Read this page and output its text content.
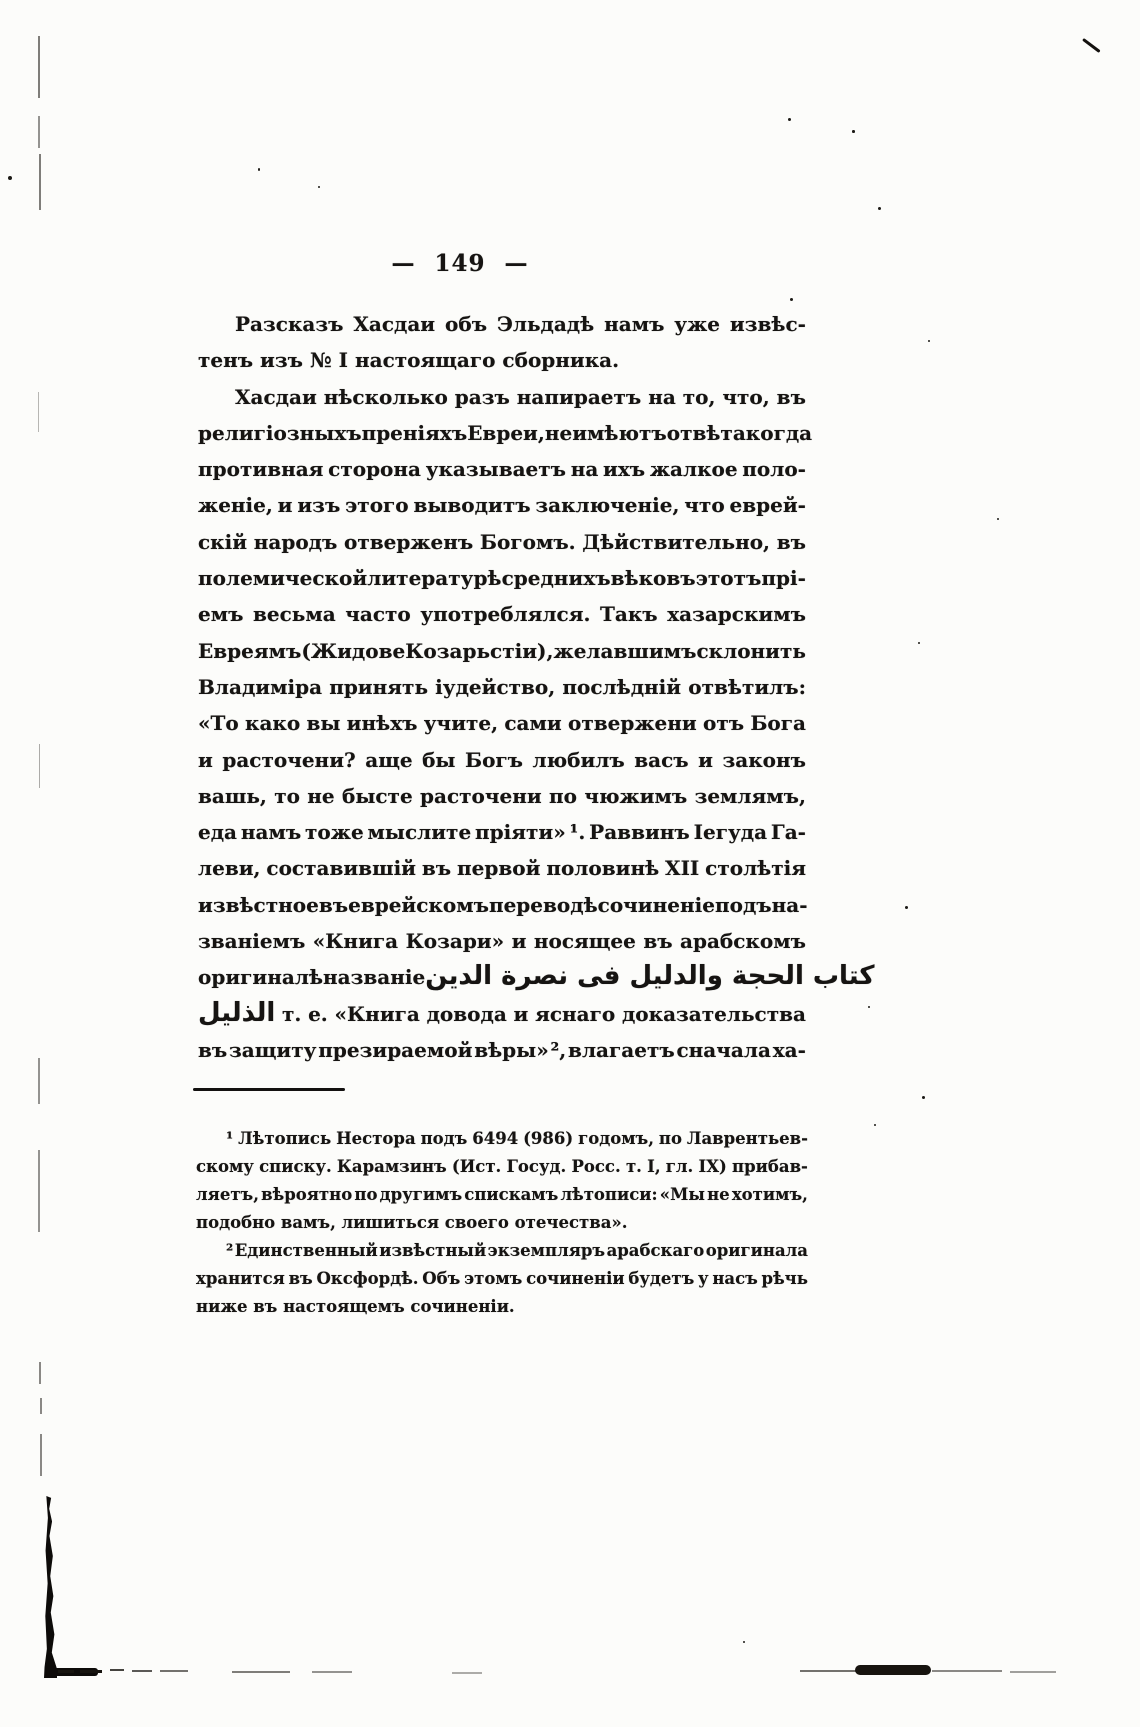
— 149 —
Разсказъ Хасдаи объ Эльдадѣ намъ уже извѣс-
тенъ изъ № I настоящаго сборника.
Хасдаи нѣсколько разъ напираетъ на то, что, въ
религіозныхъ преніяхъ Евреи, не имѣютъ отвѣта когда
противная сторона указываетъ на ихъ жалкое поло-
женіе, и изъ этого выводитъ заключеніе, что еврей-
скій народъ отверженъ Богомъ. Дѣйствительно, въ
полемической литературѣ среднихъ вѣковъ этотъ прі-
емъ весьма часто употреблялся. Такъ хазарскимъ
Евреямъ (Жидове Козарьстіи), желавшимъ склонить
Владиміра принять іудейство, послѣдній отвѣтилъ:
«То како вы инѣхъ учите, сами отвержени отъ Бога
и расточени? аще бы Богъ любилъ васъ и законъ
вашь, то не бысте расточени по чюжимъ землямъ,
еда намъ тоже мыслите пріяти» ¹. Раввинъ Іегуда Га-
леви, составившій въ первой половинѣ XII столѣтія
извѣстное въ еврейскомъ переводѣ сочиненіе подъ на-
званіемъ «Книга Козари» и носящее въ арабскомъ
оригиналѣ названіе كتاب الحجة والدليل فى نصرة الدين
الذليل т. е. «Книга довода и яснаго доказательства
въ защиту презираемой вѣры» ², влагаетъ сначала ха-
¹ Лѣтопись Нестора подъ 6494 (986) годомъ, по Лаврентьев-
скому списку. Карамзинъ (Ист. Госуд. Росс. т. I, гл. IX) прибав-
ляетъ, вѣроятно по другимъ спискамъ лѣтописи: «Мы не хотимъ,
подобно вамъ, лишиться своего отечества».
² Единственный извѣстный экземпляръ арабскаго оригинала
хранится въ Оксфордѣ. Объ этомъ сочиненіи будетъ у насъ рѣчь
ниже въ настоящемъ сочиненіи.
